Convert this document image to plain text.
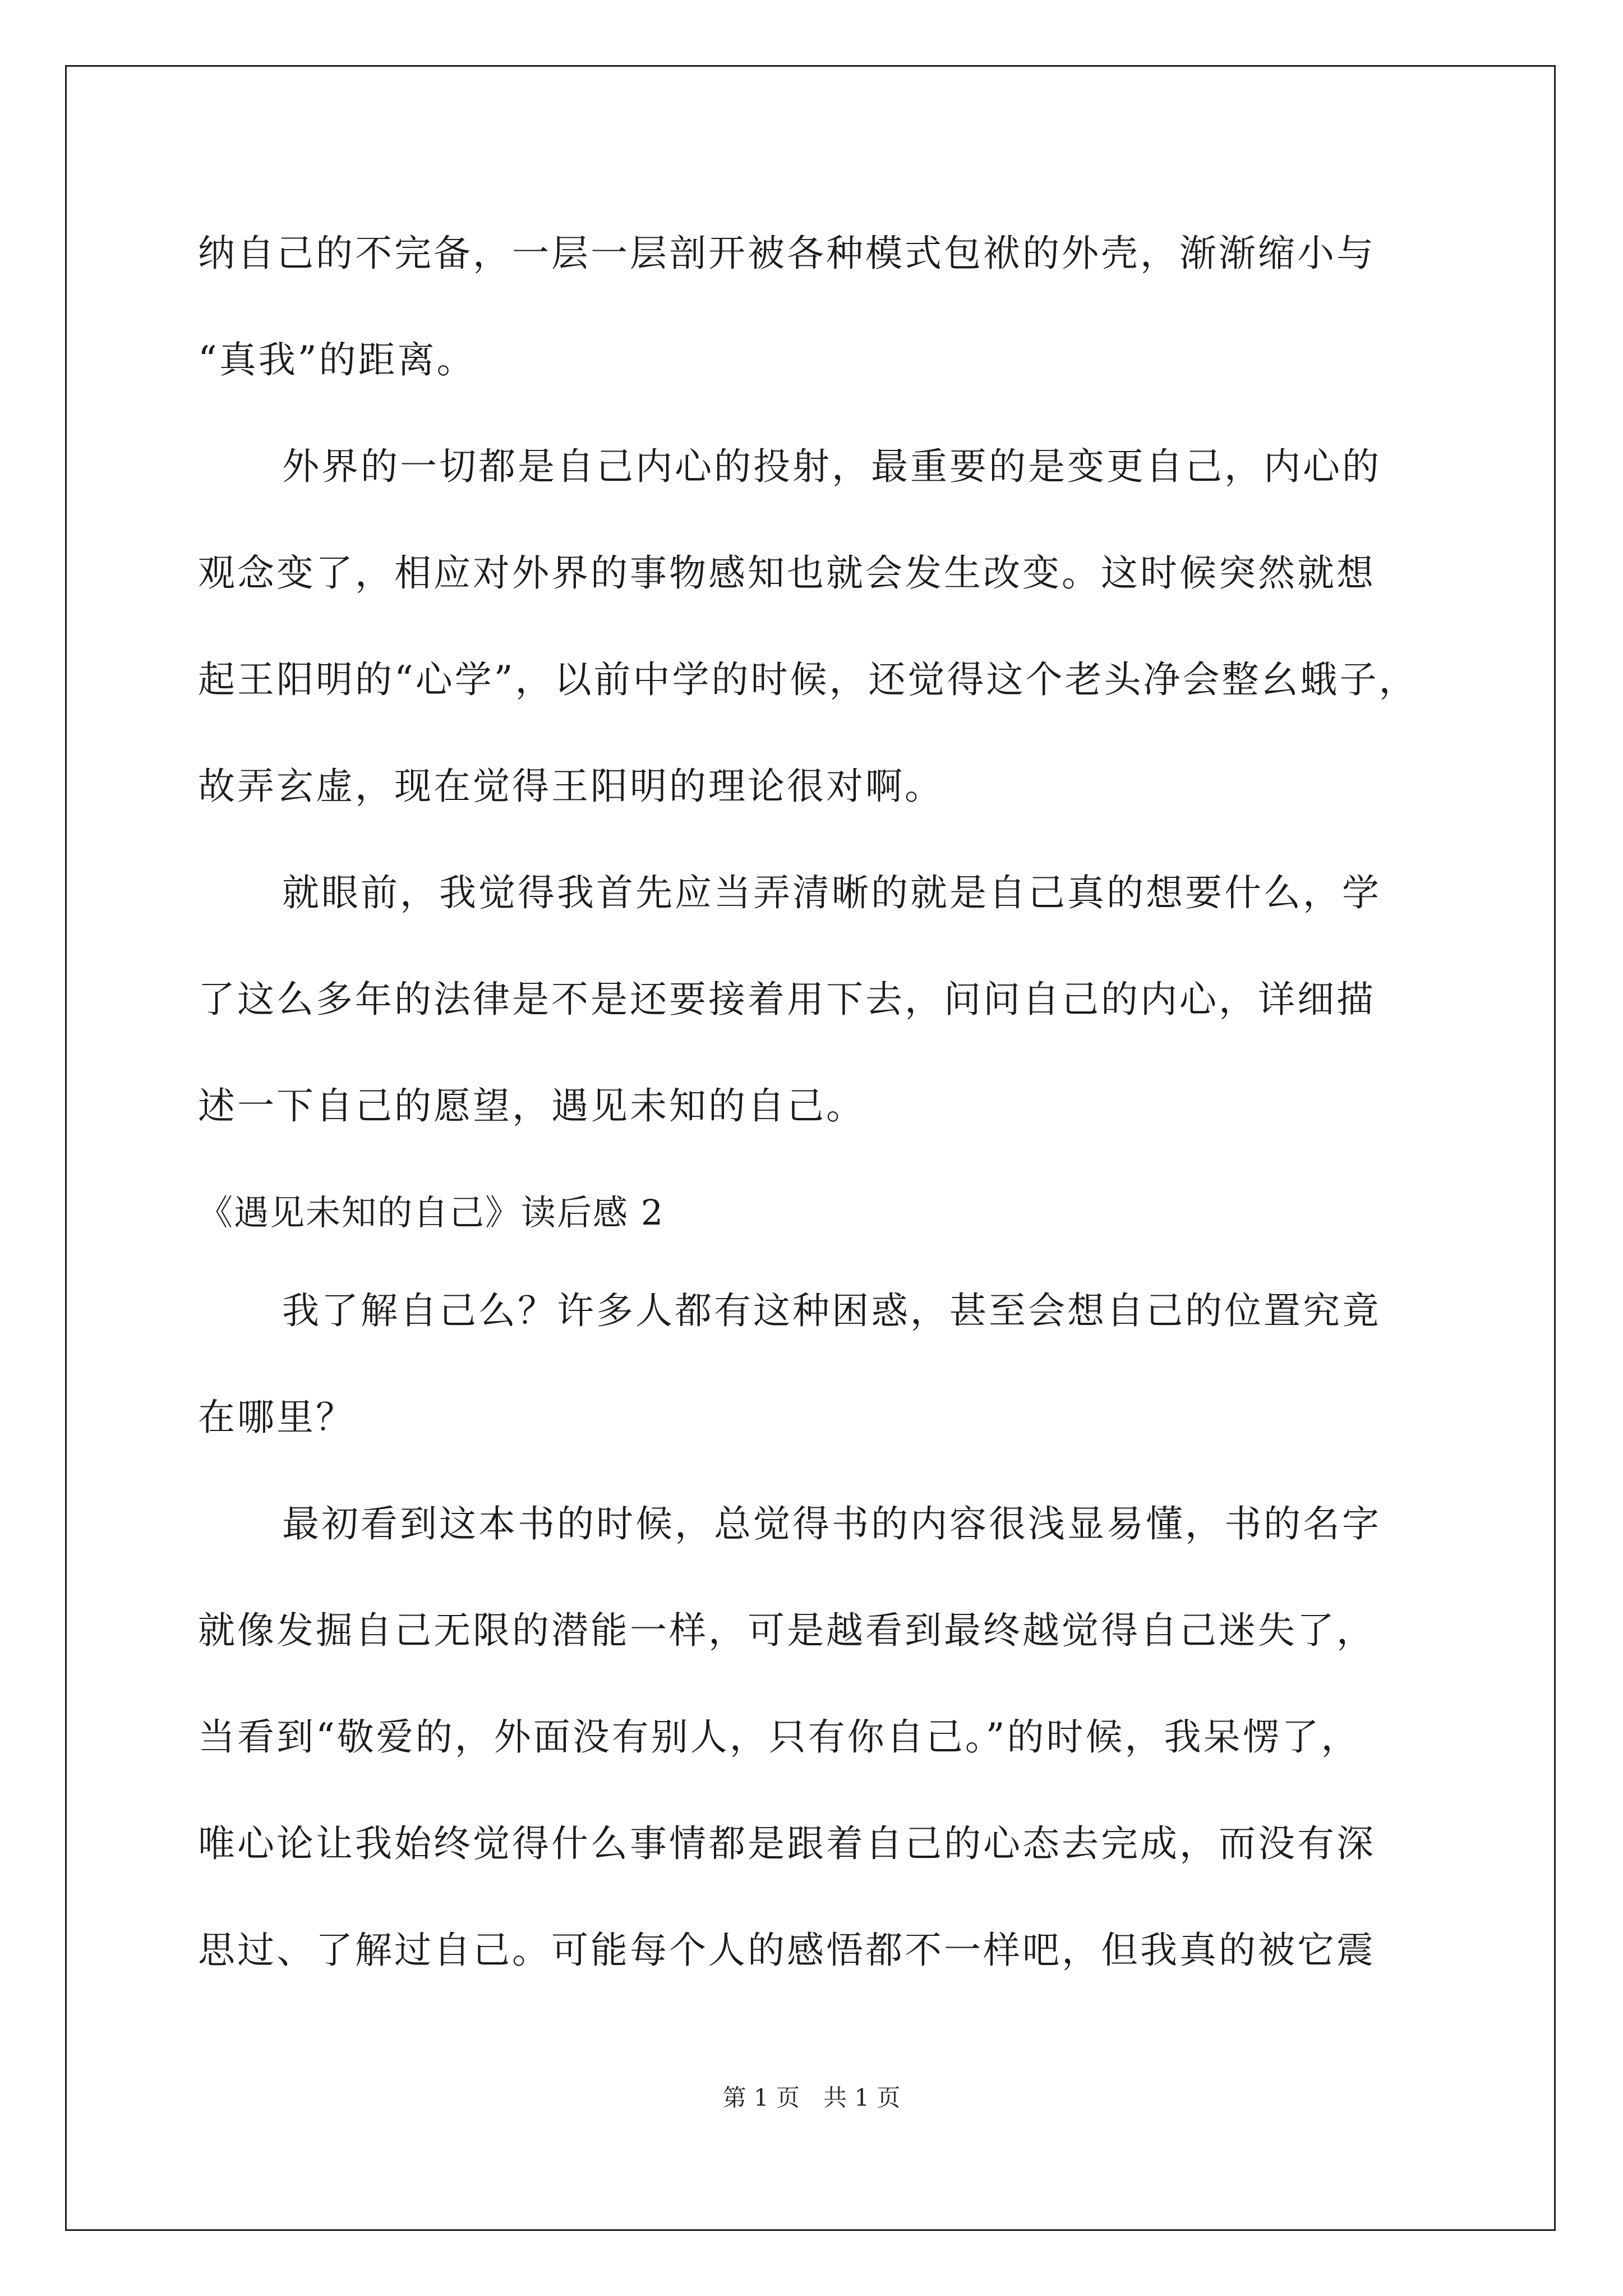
纳自己的不完备，一层一层剖开被各种模式包袱的外壳，渐渐缩小与
“真我”的距离。
外界的一切都是自己内心的投射，最重要的是变更自己，内心的
观念变了，相应对外界的事物感知也就会发生改变。这时候突然就想
起王阳明的“心学”，以前中学的时候，还觉得这个老头净会整幺蛾子，
故弄玄虚，现在觉得王阳明的理论很对啊。
就眼前，我觉得我首先应当弄清晰的就是自己真的想要什么，学
了这么多年的法律是不是还要接着用下去，问问自己的内心，详细描
述一下自己的愿望，遇见未知的自己。
《遇见未知的自己》读后感 2
我了解自己么？许多人都有这种困惑，甚至会想自己的位置究竟
在哪里？
最初看到这本书的时候，总觉得书的内容很浅显易懂，书的名字
就像发掘自己无限的潜能一样，可是越看到最终越觉得自己迷失了，
当看到“敬爱的，外面没有别人，只有你自己。”的时候，我呆愣了，
唯心论让我始终觉得什么事情都是跟着自己的心态去完成，而没有深
思过、了解过自己。可能每个人的感悟都不一样吧，但我真的被它震
第 1 页　共 1 页
